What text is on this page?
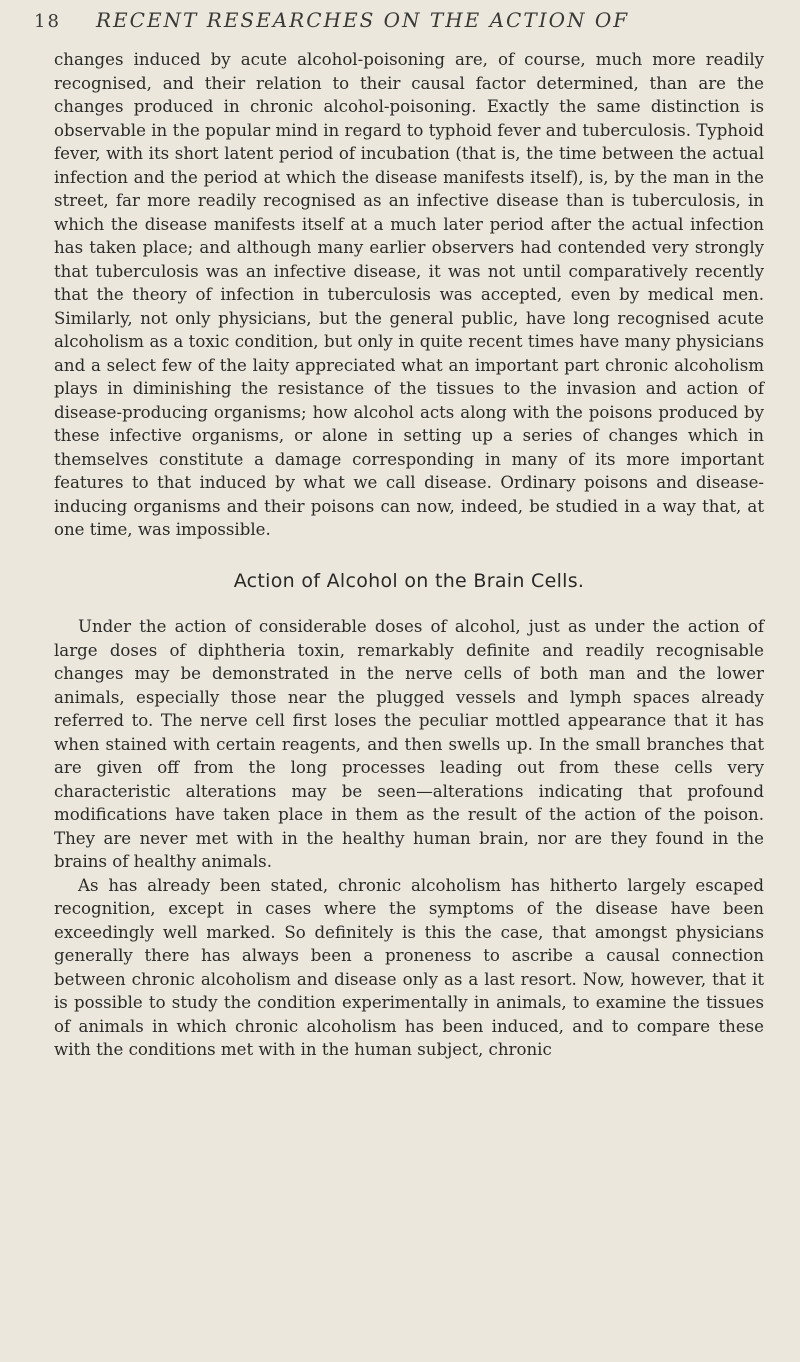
18	RECENT RESEARCHES ON THE ACTION OF

changes induced by acute alcohol-poisoning are, of course, much more readily recognised, and their relation to their causal factor determined, than are the changes produced in chronic alcohol-poisoning. Exactly the same distinction is observable in the popular mind in regard to typhoid fever and tuberculosis. Typhoid fever, with its short latent period of incubation (that is, the time between the actual infection and the period at which the disease manifests itself), is, by the man in the street, far more readily recognised as an infective disease than is tuberculosis, in which the disease manifests itself at a much later period after the actual infection has taken place; and although many earlier observers had contended very strongly that tuberculosis was an infective disease, it was not until comparatively recently that the theory of infection in tuberculosis was accepted, even by medical men. Similarly, not only physicians, but the general public, have long recognised acute alcoholism as a toxic condition, but only in quite recent times have many physicians and a select few of the laity appreciated what an important part chronic alcoholism plays in diminishing the resistance of the tissues to the invasion and action of disease-producing organisms; how alcohol acts along with the poisons produced by these infective organisms, or alone in setting up a series of changes which in themselves constitute a damage corresponding in many of its more important features to that induced by what we call disease. Ordinary poisons and disease-inducing organisms and their poisons can now, indeed, be studied in a way that, at one time, was impossible.

Action of Alcohol on the Brain Cells.

Under the action of considerable doses of alcohol, just as under the action of large doses of diphtheria toxin, remarkably definite and readily recognisable changes may be demonstrated in the nerve cells of both man and the lower animals, especially those near the plugged vessels and lymph spaces already referred to. The nerve cell first loses the peculiar mottled appearance that it has when stained with certain reagents, and then swells up. In the small branches that are given off from the long processes leading out from these cells very characteristic alterations may be seen—alterations indicating that profound modifications have taken place in them as the result of the action of the poison. They are never met with in the healthy human brain, nor are they found in the brains of healthy animals.

As has already been stated, chronic alcoholism has hitherto largely escaped recognition, except in cases where the symptoms of the disease have been exceedingly well marked. So definitely is this the case, that amongst physicians generally there has always been a proneness to ascribe a causal connection between chronic alcoholism and disease only as a last resort. Now, however, that it is possible to study the condition experimentally in animals, to examine the tissues of animals in which chronic alcoholism has been induced, and to compare these with the conditions met with in the human subject, chronic
